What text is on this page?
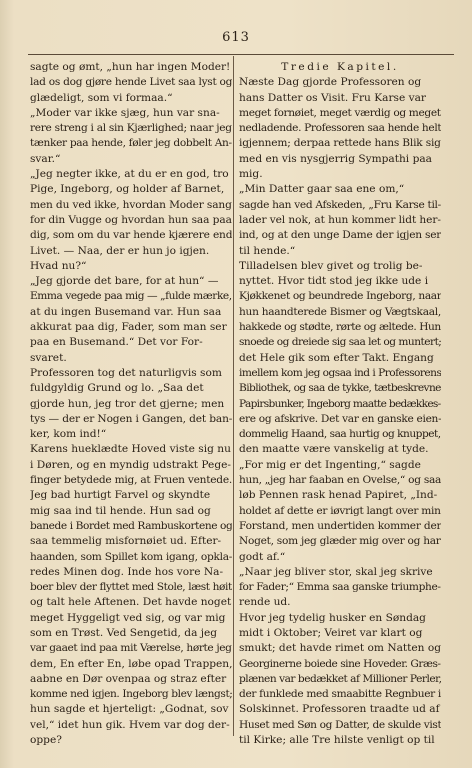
613
sagte og ømt, „hun har ingen Moder!
lad os dog gjøre hende Livet saa lyst og
glædeligt, som vi formaa.“
„Moder var ikke sjæg, hun var sna-
rere streng i al sin Kjærlighed; naar jeg
tænker paa hende, føler jeg dobbelt An-
svar.“
„Jeg negter ikke, at du er en god, tro
Pige, Ingeborg, og holder af Barnet,
men du ved ikke, hvordan Moder sang
for din Vugge og hvordan hun saa paa
dig, som om du var hende kjærere end
Livet. — Naa, der er hun jo igjen.
Hvad nu?“
„Jeg gjorde det bare, for at hun“ —
Emma vegede paa mig — „fulde mærke,
at du ingen Busemand var. Hun saa
akkurat paa dig, Fader, som man ser
paa en Busemand.“ Det vor For-
svaret.
Professoren tog det naturligvis som
fuldgyldig Grund og lo. „Saa det
gjorde hun, jeg tror det gjerne; men
tys — der er Nogen i Gangen, det ban-
ker, kom ind!“
Karens hueklædte Hoved viste sig nu
i Døren, og en myndig udstrakt Pege-
finger betydede mig, at Fruen ventede.
Jeg bad hurtigt Farvel og skyndte
mig saa ind til hende. Hun sad og
banede i Bordet med Rambuskortene og
saa temmelig misfornøiet ud. Efter-
haanden, som Spillet kom igang, opkla-
redes Minen dog. Inde hos vore Na-
boer blev der flyttet med Stole, læst høit
og talt hele Aftenen. Det havde noget
meget Hyggeligt ved sig, og var mig
som en Trøst. Ved Sengetid, da jeg
var gaaet ind paa mit Værelse, hørte jeg
dem, En efter En, løbe opad Trappen,
aabne en Dør ovenpaa og straz efter
komme ned igjen. Ingeborg blev længst;
hun sagde et hjerteligt: „Godnat, sov
vel,“ idet hun gik. Hvem var dog der-
oppe?
Tredie Kapitel.
Næste Dag gjorde Professoren og
hans Datter os Visit. Fru Karse var
meget fornøiet, meget værdig og meget
nedladende. Professoren saa hende helt
igjennem; derpaa rettede hans Blik sig
med en vis nysgjerrig Sympathi paa
mig.
„Min Datter gaar saa ene om,“
sagde han ved Afskeden, „Fru Karse til-
lader vel nok, at hun kommer lidt her-
ind, og at den unge Dame der igjen ser
til hende.“
Tilladelsen blev givet og trolig be-
nyttet. Hvor tidt stod jeg ikke ude i
Kjøkkenet og beundrede Ingeborg, naar
hun haandterede Bismer og Vægtskaal,
hakkede og stødte, rørte og æltede. Hun
snoede og dreiede sig saa let og muntert;
det Hele gik som efter Takt. Engang
imellem kom jeg ogsaa ind i Professorens
Bibliothek, og saa de tykke, tætbeskrevne
Papirsbunker, Ingeborg maatte bedækkes-
ere og afskrive. Det var en ganske eien-
dommelig Haand, saa hurtig og knuppet,
den maatte være vanskelig at tyde.
„For mig er det Ingenting,“ sagde
hun, „jeg har faaban en Ovelse,“ og saa
løb Pennen rask henad Papiret, „Ind-
holdet af dette er iøvrigt langt over min
Forstand, men undertiden kommer der
Noget, som jeg glæder mig over og har
godt af.“
„Naar jeg bliver stor, skal jeg skrive
for Fader;“ Emma saa ganske triumphe-
rende ud.
Hvor jeg tydelig husker en Søndag
midt i Oktober; Veiret var klart og
smukt; det havde rimet om Natten og
Georginerne boiede sine Hoveder. Græs-
plænen var bedækket af Millioner Perler,
der funklede med smaabitte Regnbuer i
Solskinnet. Professoren traadte ud af
Huset med Søn og Datter, de skulde vist
til Kirke; alle Tre hilste venligt op til
